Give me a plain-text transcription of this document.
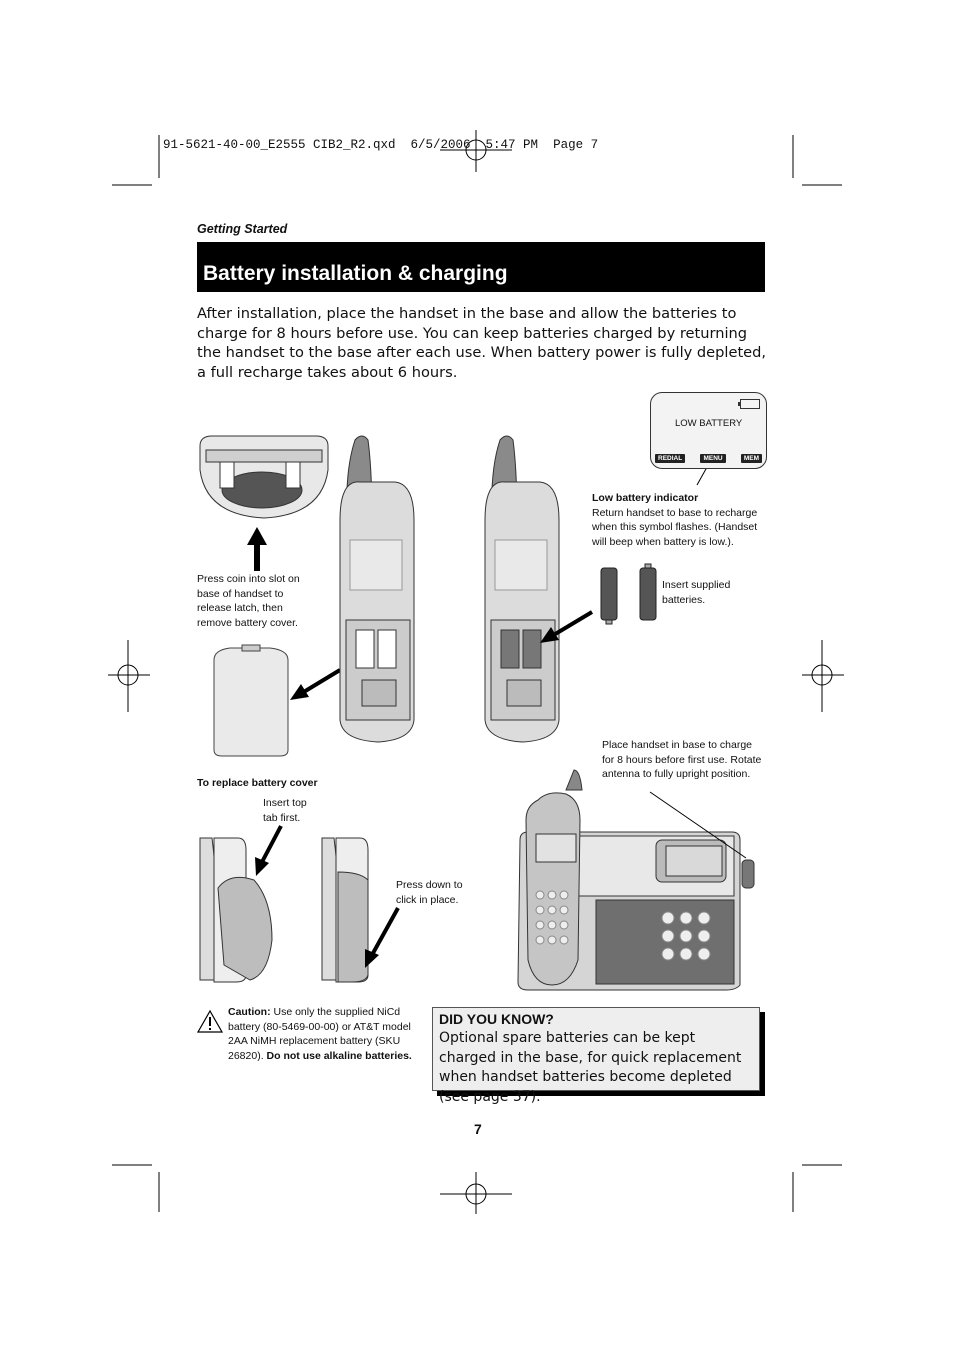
91-5621-40-00_E2555 CIB2_R2.qxd  6/5/2006  5:47 PM  Page 7
Getting Started
Battery installation & charging
After installation, place the handset in the base and allow the batteries to charge for 8 hours before use. You can keep batteries charged by returning the handset to the base after each use. When battery power is fully depleted, a full recharge takes about 6 hours.
LOW BATTERY
REDIAL	MENU	MEM
Low battery indicator
Return handset to base to recharge when this symbol flashes. (Handset will beep when battery is low.).
Press coin into slot on base of handset to release latch, then remove battery cover.
Insert supplied batteries.
Place handset in base to charge for 8 hours before first use. Rotate antenna to fully upright position.
To replace battery cover
Insert top tab first.
Press down to click in place.
Caution: Use only the supplied NiCd battery (80-5469-00-00) or AT&T model 2AA NiMH replacement battery (SKU 26820). Do not use alkaline batteries.
DID YOU KNOW?
Optional spare batteries can be kept charged in the base, for quick replacement when handset batteries become depleted (see page 37).
7
